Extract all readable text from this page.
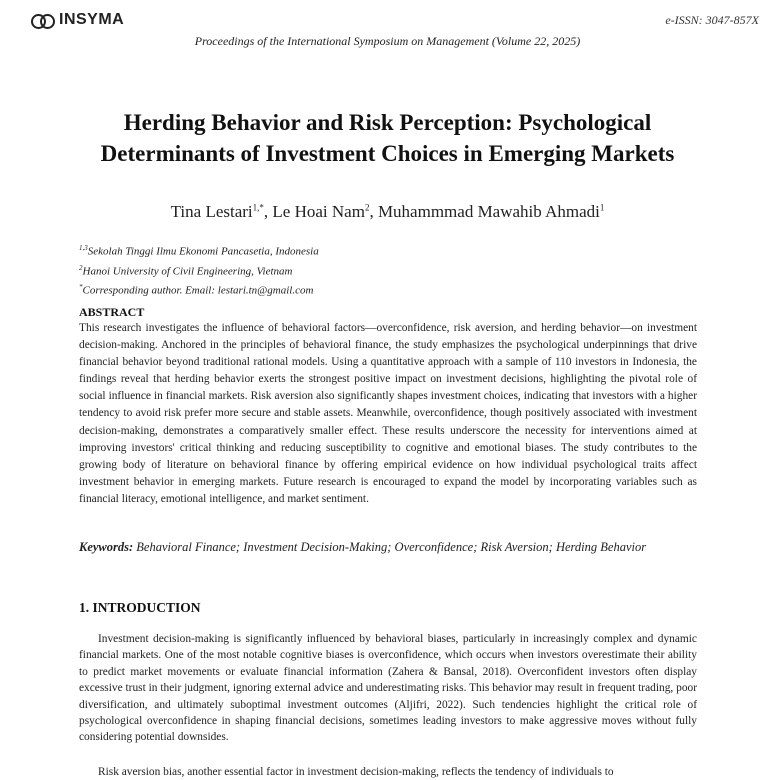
INSYMA	e-ISSN: 3047-857X
Proceedings of the International Symposium on Management (Volume 22, 2025)
Herding Behavior and Risk Perception: Psychological Determinants of Investment Choices in Emerging Markets
Tina Lestari$^{1,*}$, Le Hoai Nam$^2$, Muhammmad Mawahib Ahmadi$^1$
$^{1,3}$Sekolah Tinggi Ilmu Ekonomi Pancasetia, Indonesia
$^2$Hanoi University of Civil Engineering, Vietnam
*Corresponding author. Email: lestari.tn@gmail.com
ABSTRACT

This research investigates the influence of behavioral factors—overconfidence, risk aversion, and herding behavior—on investment decision-making. Anchored in the principles of behavioral finance, the study emphasizes the psychological underpinnings that drive financial behavior beyond traditional rational models. Using a quantitative approach with a sample of 110 investors in Indonesia, the findings reveal that herding behavior exerts the strongest positive impact on investment decisions, highlighting the pivotal role of social influence in financial markets. Risk aversion also significantly shapes investment choices, indicating that investors with a higher tendency to avoid risk prefer more secure and stable assets. Meanwhile, overconfidence, though positively associated with investment decision-making, demonstrates a comparatively smaller effect. These results underscore the necessity for interventions aimed at improving investors' critical thinking and reducing susceptibility to cognitive and emotional biases. The study contributes to the growing body of literature on behavioral finance by offering empirical evidence on how individual psychological traits affect investment behavior in emerging markets. Future research is encouraged to expand the model by incorporating variables such as financial literacy, emotional intelligence, and market sentiment.

Keywords: Behavioral Finance; Investment Decision-Making; Overconfidence; Risk Aversion; Herding Behavior

1. INTRODUCTION

Investment decision-making is significantly influenced by behavioral biases, particularly in increasingly complex and dynamic financial markets. One of the most notable cognitive biases is overconfidence, which occurs when investors overestimate their ability to predict market movements or evaluate financial information (Zahera & Bansal, 2018). Overconfident investors often display excessive trust in their judgment, ignoring external advice and underestimating risks. This behavior may result in frequent trading, poor diversification, and ultimately suboptimal investment outcomes (Aljifri, 2022). Such tendencies highlight the critical role of psychological overconfidence in shaping financial decisions, sometimes leading investors to make aggressive moves without fully considering potential downsides.

Risk aversion bias, another essential factor in investment decision-making, reflects the tendency of individuals to
